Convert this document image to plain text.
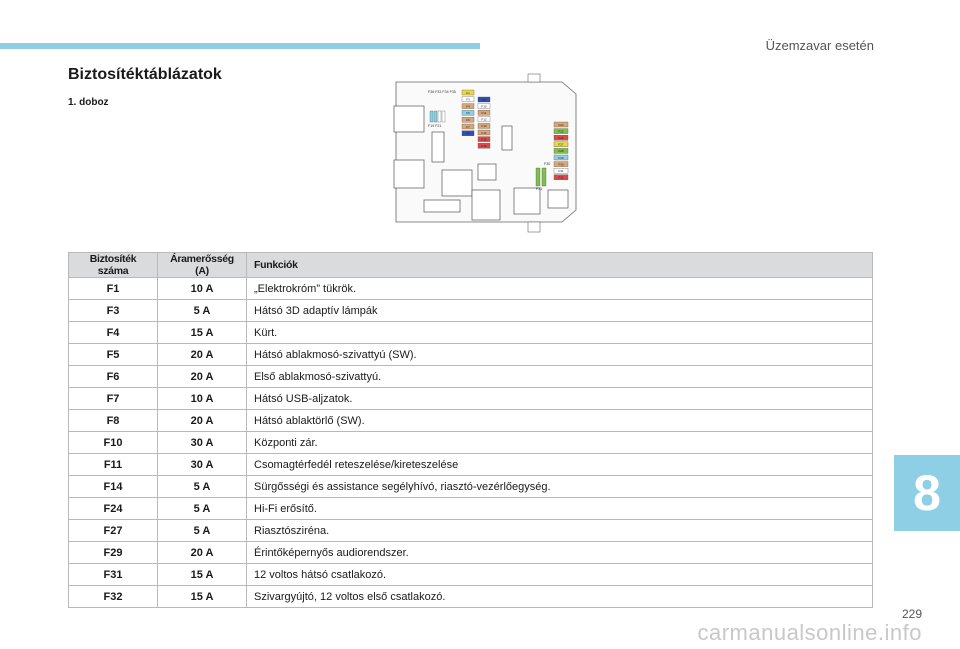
Üzemzavar esetén
Biztosítéktáblázatok
1. doboz
F36 F33 F34 F35
F19 F21
F1
F3
F4
F5
F6
F7
F8
F9
F10
F11
F12
F13
F14
F15
F16
F24
F25
F26
F27
F28
F29
F30
F31
F32
F30
F31
Biztosíték száma	Áramerősség (A)	Funkciók
F1	10 A	„Elektrokróm” tükrök.
F3	5 A	Hátsó 3D adaptív lámpák
F4	15 A	Kürt.
F5	20 A	Hátsó ablakmosó-szivattyú (SW).
F6	20 A	Első ablakmosó-szivattyú.
F7	10 A	Hátsó USB-aljzatok.
F8	20 A	Hátsó ablaktörlő (SW).
F10	30 A	Központi zár.
F11	30 A	Csomagtérfedél reteszelése/kireteszelése
F14	5 A	Sürgősségi és assistance segélyhívó, riasztó-vezérlőegység.
F24	5 A	Hi-Fi erősítő.
F27	5 A	Riasztósziréna.
F29	20 A	Érintőképernyős audiorendszer.
F31	15 A	12 voltos hátsó csatlakozó.
F32	15 A	Szivargyújtó, 12 voltos első csatlakozó.
8
229
carmanualsonline.info
